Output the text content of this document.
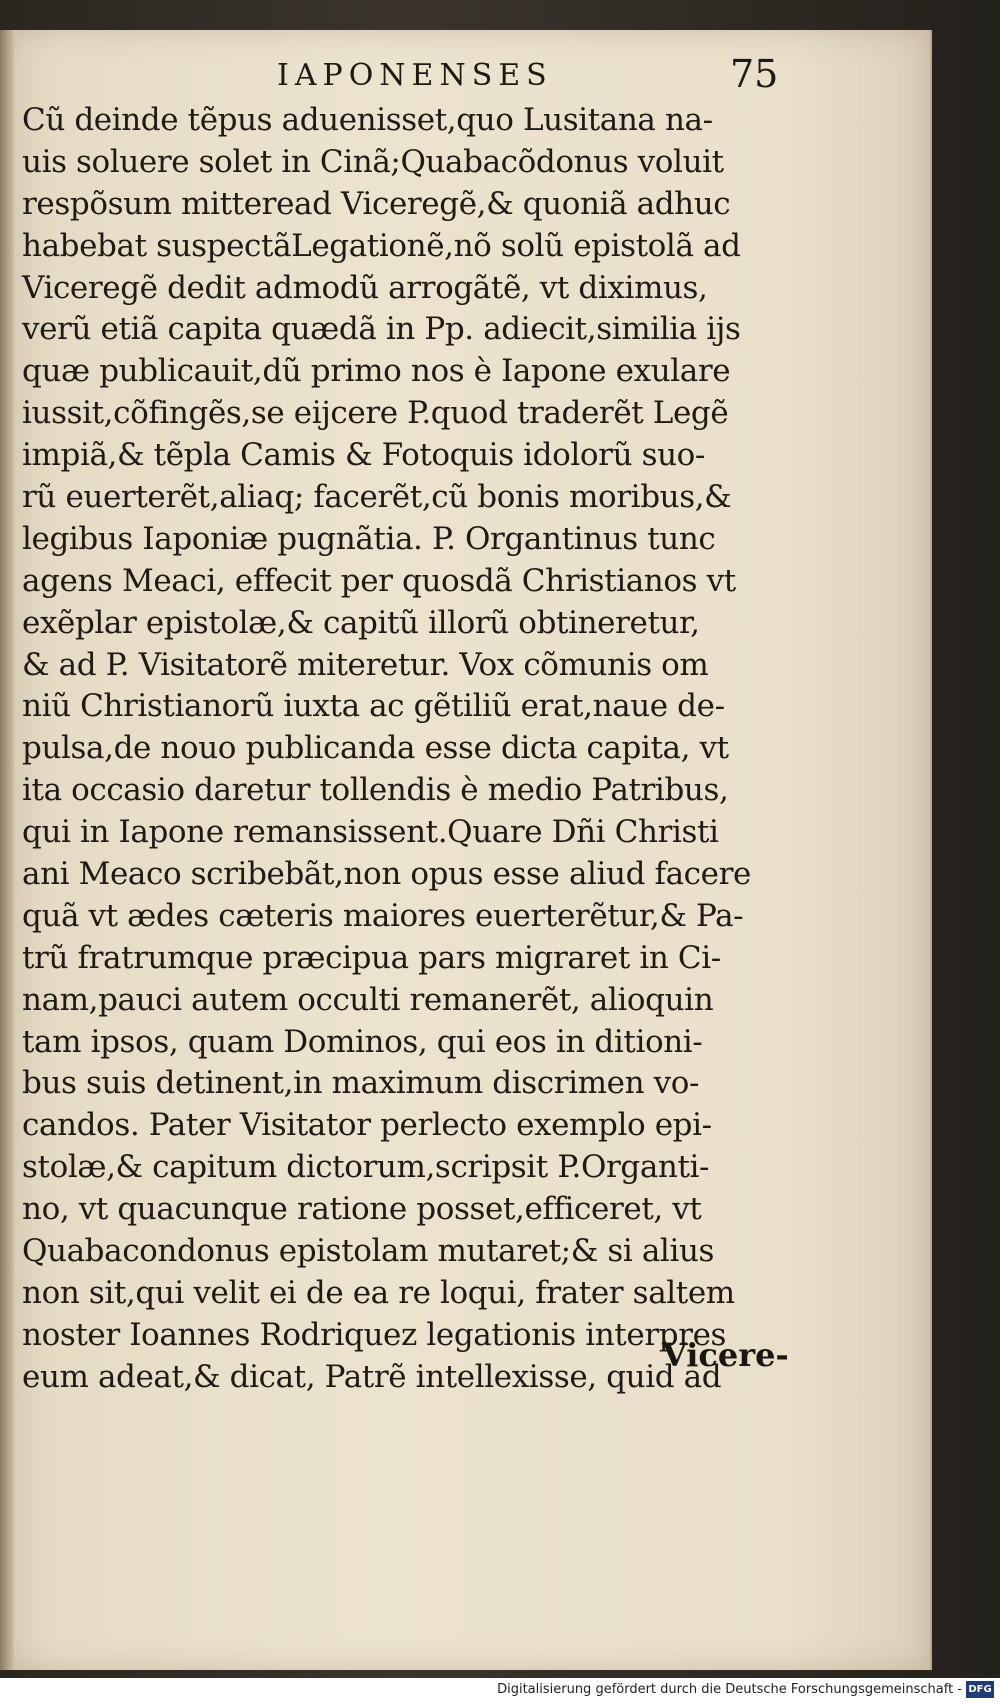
IAPONENSES	75
Cũ deinde tẽpus aduenisset,quo Lusitana na-
uis soluere solet in Cinã;Quabacõdonus voluit
respõsum mitteread Viceregẽ,& quoniã adhuc
habebat suspectãLegationẽ,nõ solũ epistolã ad
Viceregẽ dedit admodũ arrogãtẽ, vt diximus,
verũ etiã capita quædã in Pp. adiecit,similia ijs
quæ publicauit,dũ primo nos è Iapone exulare
iussit,cõfingẽs,se eijcere P.quod traderẽt Legẽ
impiã,& tẽpla Camis & Fotoquis idolorũ suo-
rũ euerterẽt,aliaq; facerẽt,cũ bonis moribus,&
legibus Iaponiæ pugnãtia. P. Organtinus tunc
agens Meaci, effecit per quosdã Christianos vt
exẽplar epistolæ,& capitũ illorũ obtineretur,
& ad P. Visitatorẽ miteretur. Vox cõmunis om
niũ Christianorũ iuxta ac gẽtiliũ erat,naue de-
pulsa,de nouo publicanda esse dicta capita, vt
ita occasio daretur tollendis è medio Patribus,
qui in Iapone remansissent.Quare Dñi Christi
ani Meaco scribebãt,non opus esse aliud facere
quã vt ædes cæteris maiores euerterẽtur,& Pa-
trũ fratrumque præcipua pars migraret in Ci-
nam,pauci autem occulti remanerẽt, alioquin
tam ipsos, quam Dominos, qui eos in ditioni-
bus suis detinent,in maximum discrimen vo-
candos. Pater Visitator perlecto exemplo epi-
stolæ,& capitum dictorum,scripsit P.Organti-
no, vt quacunque ratione posset,efficeret, vt
Quabacondonus epistolam mutaret;& si alius
non sit,qui velit ei de ea re loqui, frater saltem
noster Ioannes Rodriquez legationis interpres
eum adeat,& dicat, Patrẽ intellexisse, quid ad
Vicere-
Digitalisierung gefördert durch die Deutsche Forschungsgemeinschaft - DFG
